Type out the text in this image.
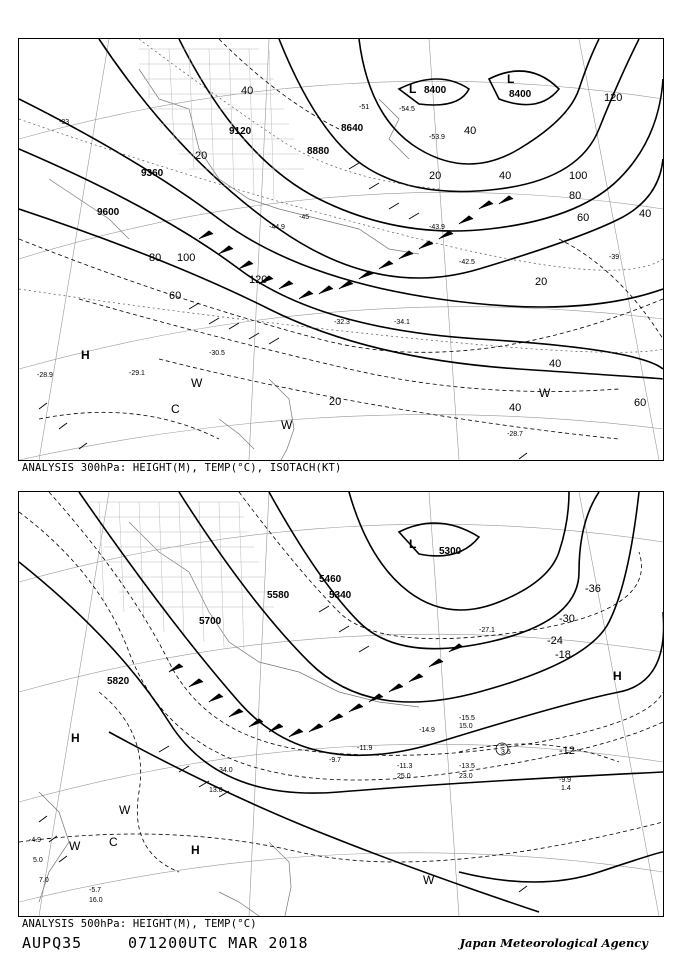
9600
9360
9120
8880
8640
8400	8400
20
40
60
80 100
120
100
80
60
40
20
120
40
20
40
60
20	40
40
-33
-39
-45
-51	-54.5
-53.9
-44.9	-43.9
-42.5
-34.1
-32.3
-30.5
-29.1
-28.7
-28.9
H
L
L
W
C
W
W
ANALYSIS 300hPa: HEIGHT(M), TEMP(°C), ISOTACH(KT)
5820
5700
5580
5460
5340
5300
-12
-18
-24
-30
-36
-27.1
-15.5
-14.9
-11.9
-11.3	-13.5
-9.9
-5.7
-4.9
-9.7
23.0
16.0
25.0
34.0
15.0
13.0	1.4
3.5
5.0
7.0
H
H
H
L
W
W C
W
ANALYSIS 500hPa: HEIGHT(M), TEMP(°C)
AUPQ35	071200UTC MAR 2018	Japan Meteorological Agency
